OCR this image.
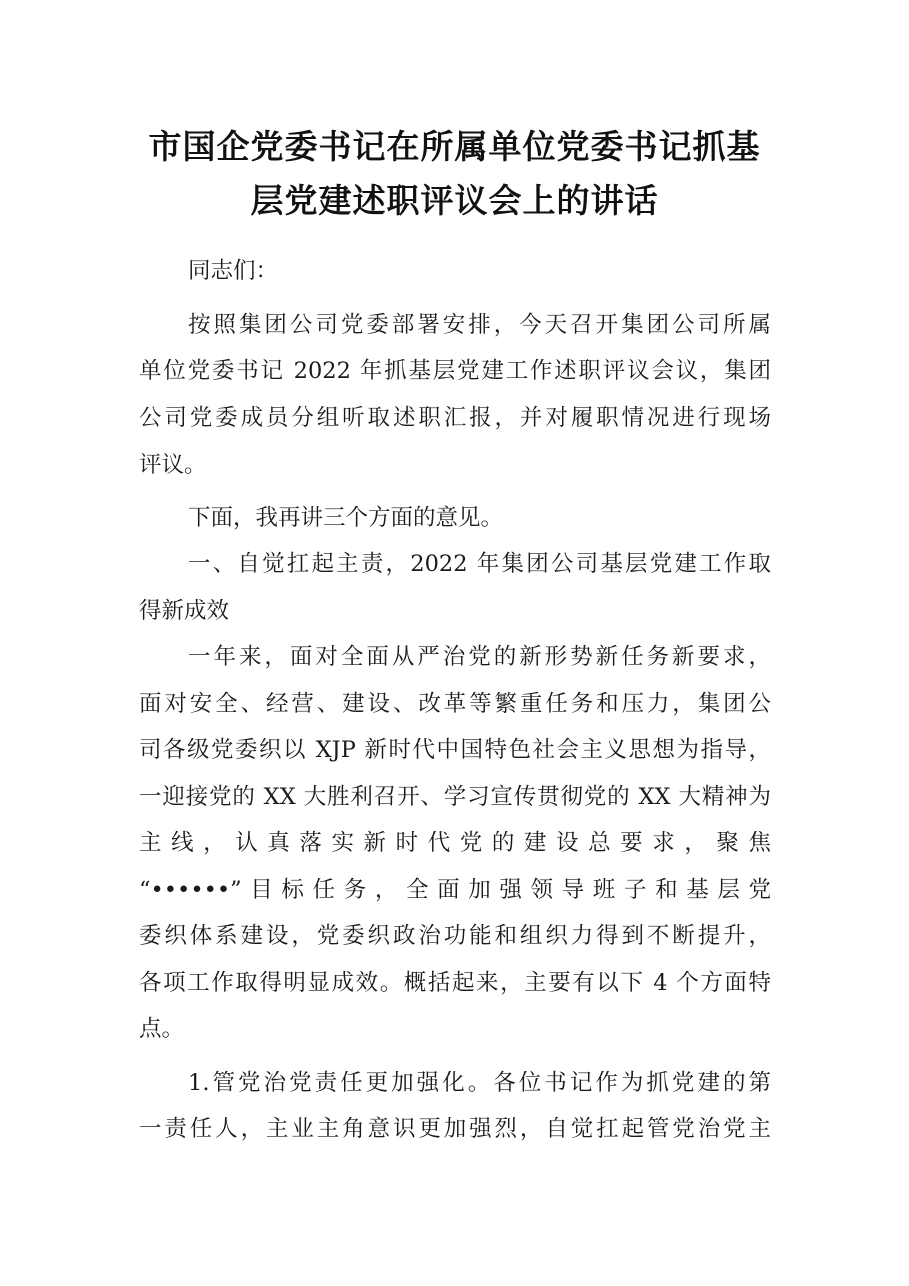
市国企党委书记在所属单位党委书记抓基
层党建述职评议会上的讲话
同志们：
按照集团公司党委部署安排，今天召开集团公司所属
单位党委书记 2022 年抓基层党建工作述职评议会议，集团
公司党委成员分组听取述职汇报，并对履职情况进行现场
评议。
下面，我再讲三个方面的意见。
一、自觉扛起主责，2022 年集团公司基层党建工作取
得新成效
一年来，面对全面从严治党的新形势新任务新要求，
面对安全、经营、建设、改革等繁重任务和压力，集团公
司各级党委织以 XJP 新时代中国特色社会主义思想为指导，
一迎接党的 XX 大胜利召开、学习宣传贯彻党的 XX 大精神为
主 线 ， 认 真 落 实 新 时 代 党 的 建 设 总 要 求 ， 聚 焦
“••••••”目标任务，全面加强领导班子和基层党
委织体系建设，党委织政治功能和组织力得到不断提升，
各项工作取得明显成效。概括起来，主要有以下 4 个方面特
点。
1.管党治党责任更加强化。各位书记作为抓党建的第
一责任人，主业主角意识更加强烈，自觉扛起管党治党主
